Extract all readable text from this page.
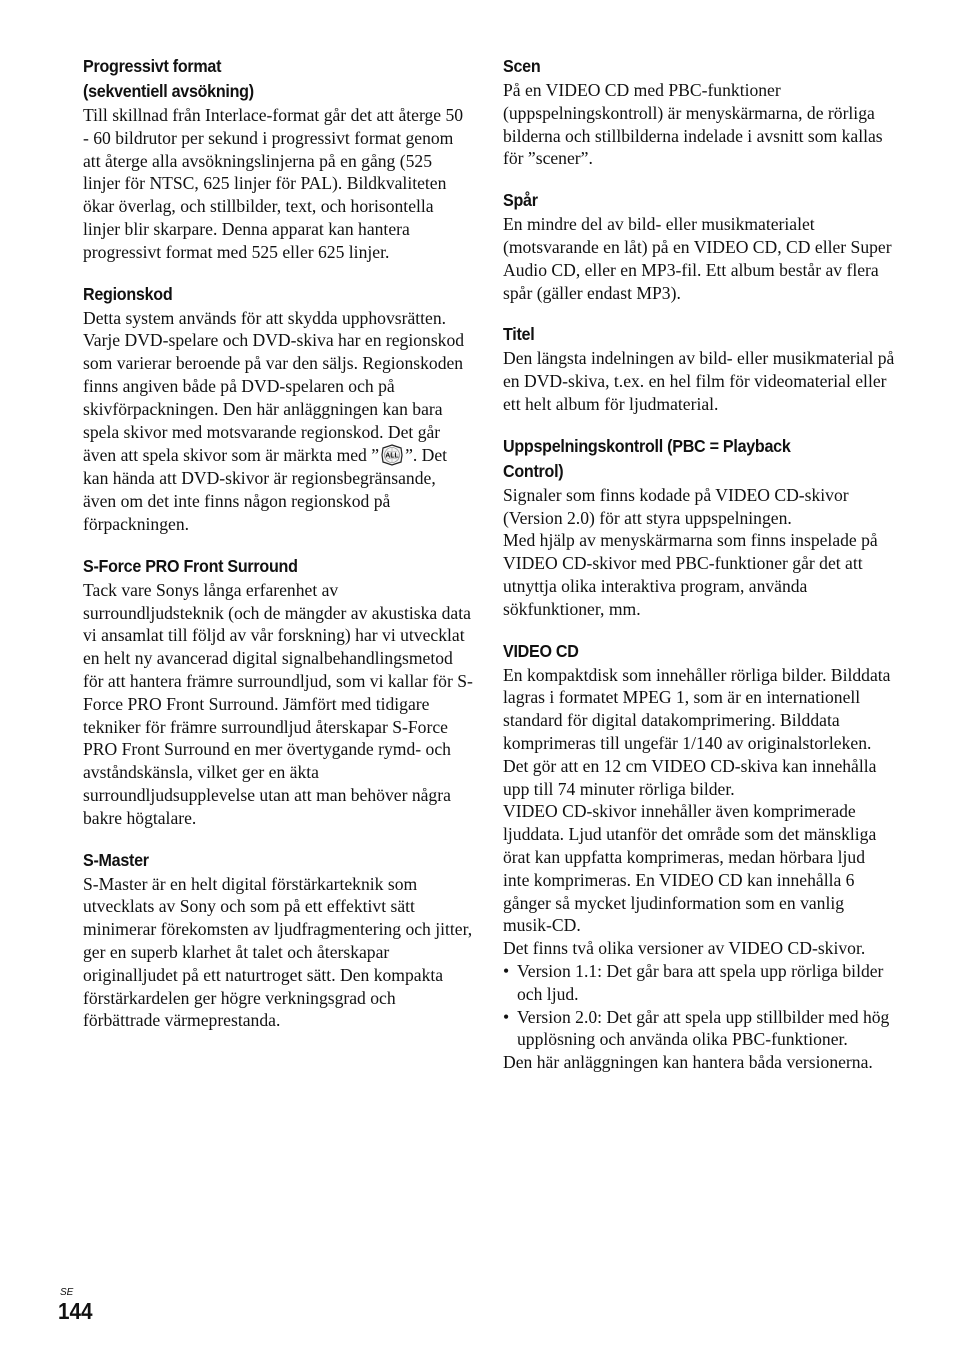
Progressivt format
(sekventiell avsökning)

Till skillnad från Interlace-format går det att återge 50 - 60 bildrutor per sekund i progressivt format genom att återge alla avsökningslinjerna på en gång (525 linjer för NTSC, 625 linjer för PAL). Bildkvaliteten ökar överlag, och stillbilder, text, och horisontella linjer blir skarpare. Denna apparat kan hantera progressivt format med 525 eller 625 linjer.

Regionskod

Detta system används för att skydda upphovsrätten. Varje DVD-spelare och DVD-skiva har en regionskod som varierar beroende på var den säljs. Regionskoden finns angiven både på DVD-spelaren och på skivförpackningen. Den här anläggningen kan bara spela skivor med motsvarande regionskod. Det går även att spela skivor som är märkta med ” ALL ”. Det kan hända att DVD-skivor är regionsbegränsande, även om det inte finns någon regionskod på förpackningen.

S-Force PRO Front Surround

Tack vare Sonys långa erfarenhet av surroundljudsteknik (och de mängder av akustiska data vi ansamlat till följd av vår forskning) har vi utvecklat en helt ny avancerad digital signalbehandlingsmetod för att hantera främre surroundljud, som vi kallar för S-Force PRO Front Surround. Jämfört med tidigare tekniker för främre surroundljud återskapar S-Force PRO Front Surround en mer övertygande rymd- och avståndskänsla, vilket ger en äkta surroundljudsupplevelse utan att man behöver några bakre högtalare.

S-Master

S-Master är en helt digital förstärkarteknik som utvecklats av Sony och som på ett effektivt sätt minimerar förekomsten av ljudfragmentering och jitter, ger en superb klarhet åt talet och återskapar originalljudet på ett naturtroget sätt. Den kompakta förstärkardelen ger högre verkningsgrad och förbättrade värmeprestanda.

Scen

På en VIDEO CD med PBC-funktioner (uppspelningskontroll) är menyskärmarna, de rörliga bilderna och stillbilderna indelade i avsnitt som kallas för ”scener”.

Spår

En mindre del av bild- eller musikmaterialet (motsvarande en låt) på en VIDEO CD, CD eller Super Audio CD, eller en MP3-fil. Ett album består av flera spår (gäller endast MP3).

Titel

Den längsta indelningen av bild- eller musikmaterial på en DVD-skiva, t.ex. en hel film för videomaterial eller ett helt album för ljudmaterial.

Uppspelningskontroll (PBC = Playback
Control)

Signaler som finns kodade på VIDEO CD-skivor (Version 2.0) för att styra uppspelningen.

Med hjälp av menyskärmarna som finns inspelade på VIDEO CD-skivor med PBC-funktioner går det att utnyttja olika interaktiva program, använda sökfunktioner, mm.

VIDEO CD

En kompaktdisk som innehåller rörliga bilder. Bilddata lagras i formatet MPEG 1, som är en internationell standard för digital datakomprimering. Bilddata komprimeras till ungefär 1/140 av originalstorleken. Det gör att en 12 cm VIDEO CD-skiva kan innehålla upp till 74 minuter rörliga bilder.

VIDEO CD-skivor innehåller även komprimerade ljuddata. Ljud utanför det område som det mänskliga örat kan uppfatta komprimeras, medan hörbara ljud inte komprimeras. En VIDEO CD kan innehålla 6 gånger så mycket ljudinformation som en vanlig musik-CD.

Det finns två olika versioner av VIDEO CD-skivor.

• Version 1.1: Det går bara att spela upp rörliga bilder och ljud.
• Version 2.0: Det går att spela upp stillbilder med hög upplösning och använda olika PBC-funktioner.

Den här anläggningen kan hantera båda versionerna.

SE
144
